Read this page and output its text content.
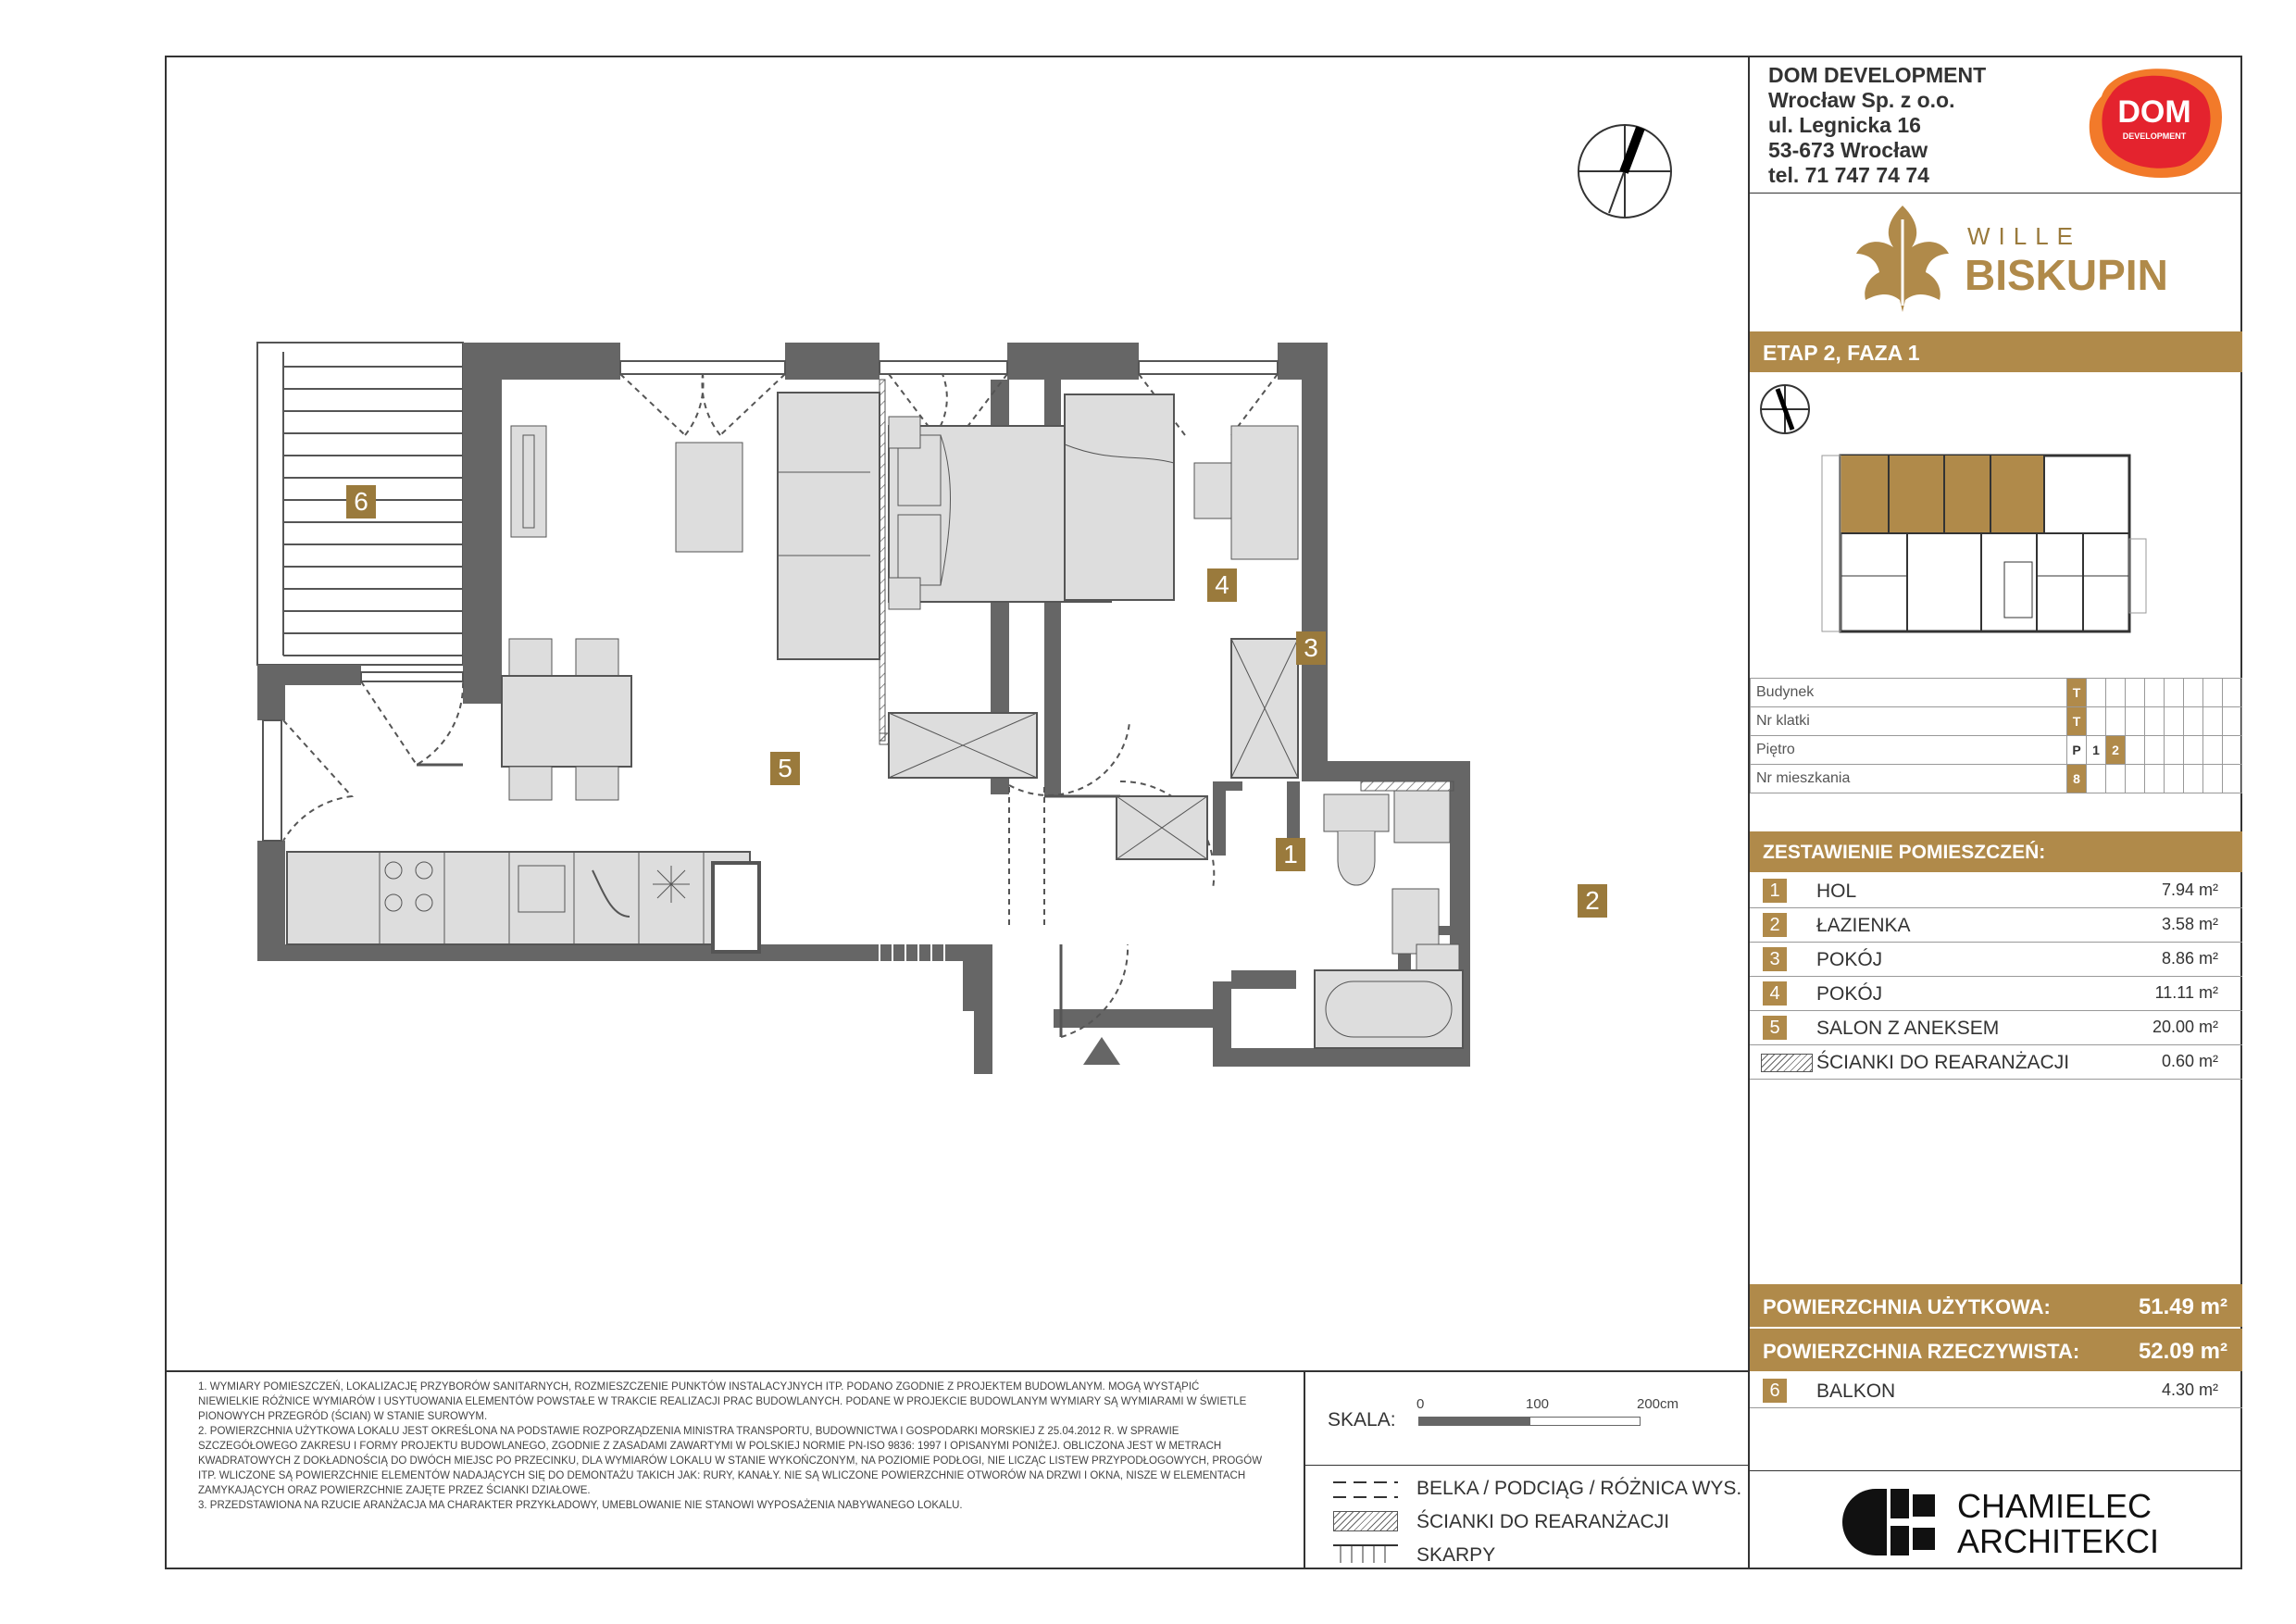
DOM DEVELOPMENT
Wrocław Sp. z o.o.
ul. Legnicka 16
53-673 Wrocław
tel. 71 747 74 74
DOM
DEVELOPMENT
WILLE
BISKUPIN
ETAP 2, FAZA 1
Budynek	T								
Nr klatki	T								
Piętro	P	1	2						
Nr mieszkania	8								
ZESTAWIENIE POMIESZCZEŃ:
1	HOL	7.94 m²
2	ŁAZIENKA	3.58 m²
3	POKÓJ	8.86 m²
4	POKÓJ	11.11 m²
5	SALON Z ANEKSEM	20.00 m²
ŚCIANKI DO REARANŻACJI	0.60 m²
POWIERZCHNIA UŻYTKOWA:	51.49 m²
POWIERZCHNIA RZECZYWISTA:	52.09 m²
6	BALKON	4.30 m²
CHAMIELEC
ARCHITEKCI
1. WYMIARY POMIESZCZEŃ, LOKALIZACJĘ PRZYBORÓW SANITARNYCH, ROZMIESZCZENIE PUNKTÓW INSTALACYJNYCH ITP. PODANO ZGODNIE Z PROJEKTEM BUDOWLANYM. MOGĄ WYSTĄPIĆ NIEWIELKIE RÓŻNICE WYMIARÓW I USYTUOWANIA ELEMENTÓW POWSTAŁE W TRAKCIE REALIZACJI PRAC BUDOWLANYCH. PODANE W PROJEKCIE BUDOWLANYM WYMIARY SĄ WYMIARAMI W ŚWIETLE PIONOWYCH PRZEGRÓD (ŚCIAN) W STANIE SUROWYM.
2. POWIERZCHNIA UŻYTKOWA LOKALU JEST OKREŚLONA NA PODSTAWIE ROZPORZĄDZENIA MINISTRA TRANSPORTU, BUDOWNICTWA I GOSPODARKI MORSKIEJ Z 25.04.2012 R. W SPRAWIE SZCZEGÓŁOWEGO ZAKRESU I FORMY PROJEKTU BUDOWLANEGO, ZGODNIE Z ZASADAMI ZAWARTYMI W POLSKIEJ NORMIE PN-ISO 9836: 1997 I OPISANYMI PONIŻEJ. OBLICZONA JEST W METRACH KWADRATOWYCH Z DOKŁADNOŚCIĄ DO DWÓCH MIEJSC PO PRZECINKU, DLA WYMIARÓW LOKALU W STANIE WYKOŃCZONYM, NA POZIOMIE PODŁOGI, NIE LICZĄC LISTEW PRZYPODŁOGOWYCH, PROGÓW ITP. WLICZONE SĄ POWIERZCHNIE ELEMENTÓW NADAJĄCYCH SIĘ DO DEMONTAŻU TAKICH JAK: RURY, KANAŁY. NIE SĄ WLICZONE POWIERZCHNIE OTWORÓW NA DRZWI I OKNA, NISZE W ELEMENTACH ZAMYKAJĄCYCH ORAZ POWIERZCHNIE ZAJĘTE PRZEZ ŚCIANKI DZIAŁOWE.
3. PRZEDSTAWIONA NA RZUCIE ARANŻACJA MA CHARAKTER PRZYKŁADOWY, UMEBLOWANIE NIE STANOWI WYPOSAŻENIA NABYWANEGO LOKALU.
SKALA:
0	100	200cm
BELKA / PODCIĄG / RÓŻNICA WYS.
ŚCIANKI DO REARANŻACJI
SKARPY
1
2
3
4
5
6
